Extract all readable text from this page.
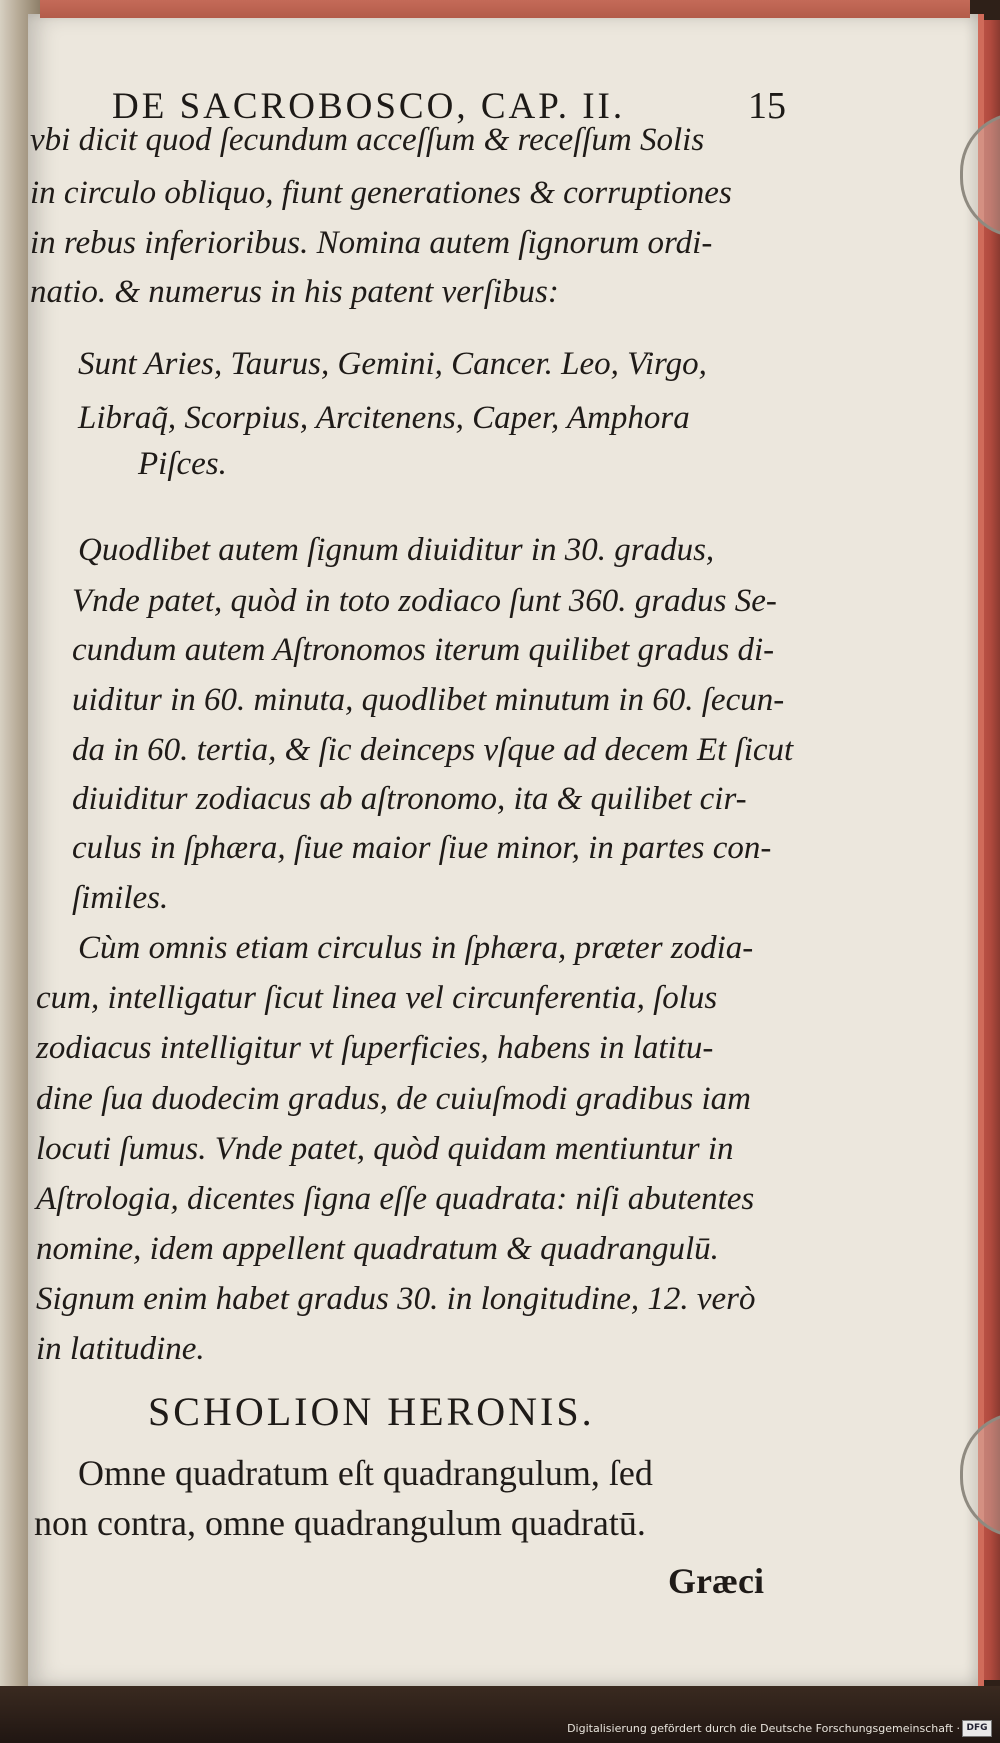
DE SACROBOSCO, CAP. II.	15
vbi dicit quod ſecundum acceſſum & receſſum Solis
in circulo obliquo, fiunt generationes & corruptiones
in rebus inferioribus. Nomina autem ſignorum ordi-
natio. & numerus in his patent verſibus:
Sunt Aries, Taurus, Gemini, Cancer. Leo, Virgo,
Libraq̃, Scorpius, Arcitenens, Caper, Amphora
Piſces.
Quodlibet autem ſignum diuiditur in 30. gradus,
Vnde patet, quòd in toto zodiaco ſunt 360. gradus Se-
cundum autem Aſtronomos iterum quilibet gradus di-
uiditur in 60. minuta, quodlibet minutum in 60. ſecun-
da in 60. tertia, & ſic deinceps vſque ad decem Et ſicut
diuiditur zodiacus ab aſtronomo, ita & quilibet cir-
culus in ſphæra, ſiue maior ſiue minor, in partes con-
ſimiles.
Cùm omnis etiam circulus in ſphæra, præter zodia-
cum, intelligatur ſicut linea vel circunferentia, ſolus
zodiacus intelligitur vt ſuperficies, habens in latitu-
dine ſua duodecim gradus, de cuiuſmodi gradibus iam
locuti ſumus. Vnde patet, quòd quidam mentiuntur in
Aſtrologia, dicentes ſigna eſſe quadrata: niſi abutentes
nomine, idem appellent quadratum & quadrangulū.
Signum enim habet gradus 30. in longitudine, 12. verò
in latitudine.
SCHOLION HERONIS.
Omne quadratum eſt quadrangulum, ſed
non contra, omne quadrangulum quadratū.
Græci
Digitalisierung gefördert durch die Deutsche Forschungsgemeinschaft · DFG
